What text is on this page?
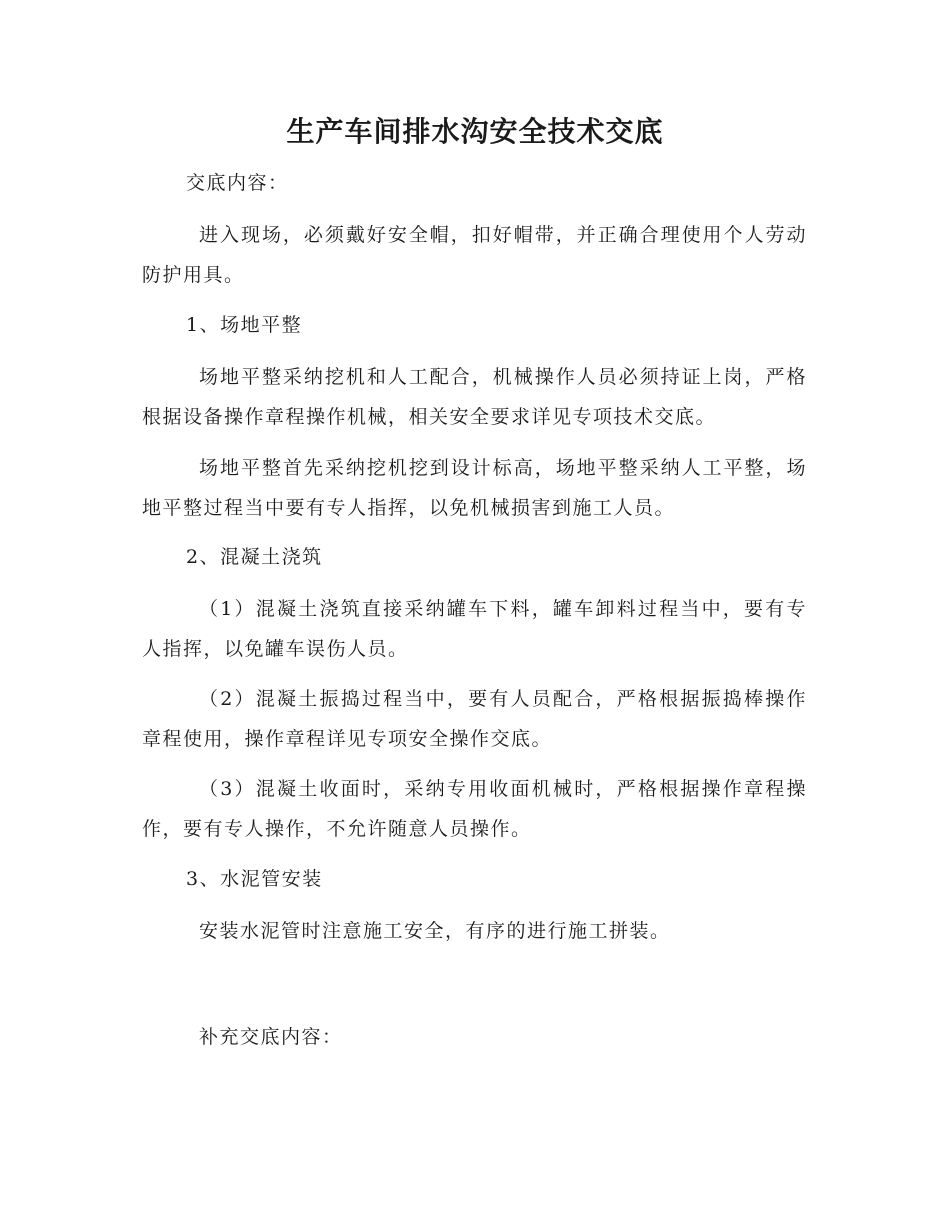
生产车间排水沟安全技术交底
交底内容：
进入现场，必须戴好安全帽，扣好帽带，并正确合理使用个人劳动防护用具。
1、场地平整
场地平整采纳挖机和人工配合，机械操作人员必须持证上岗，严格根据设备操作章程操作机械，相关安全要求详见专项技术交底。
场地平整首先采纳挖机挖到设计标高，场地平整采纳人工平整，场地平整过程当中要有专人指挥，以免机械损害到施工人员。
2、混凝土浇筑
（1）混凝土浇筑直接采纳罐车下料，罐车卸料过程当中，要有专人指挥，以免罐车误伤人员。
（2）混凝土振捣过程当中，要有人员配合，严格根据振捣棒操作章程使用，操作章程详见专项安全操作交底。
（3）混凝土收面时，采纳专用收面机械时，严格根据操作章程操作，要有专人操作，不允许随意人员操作。
3、水泥管安装
安装水泥管时注意施工安全，有序的进行施工拼装。
补充交底内容：
